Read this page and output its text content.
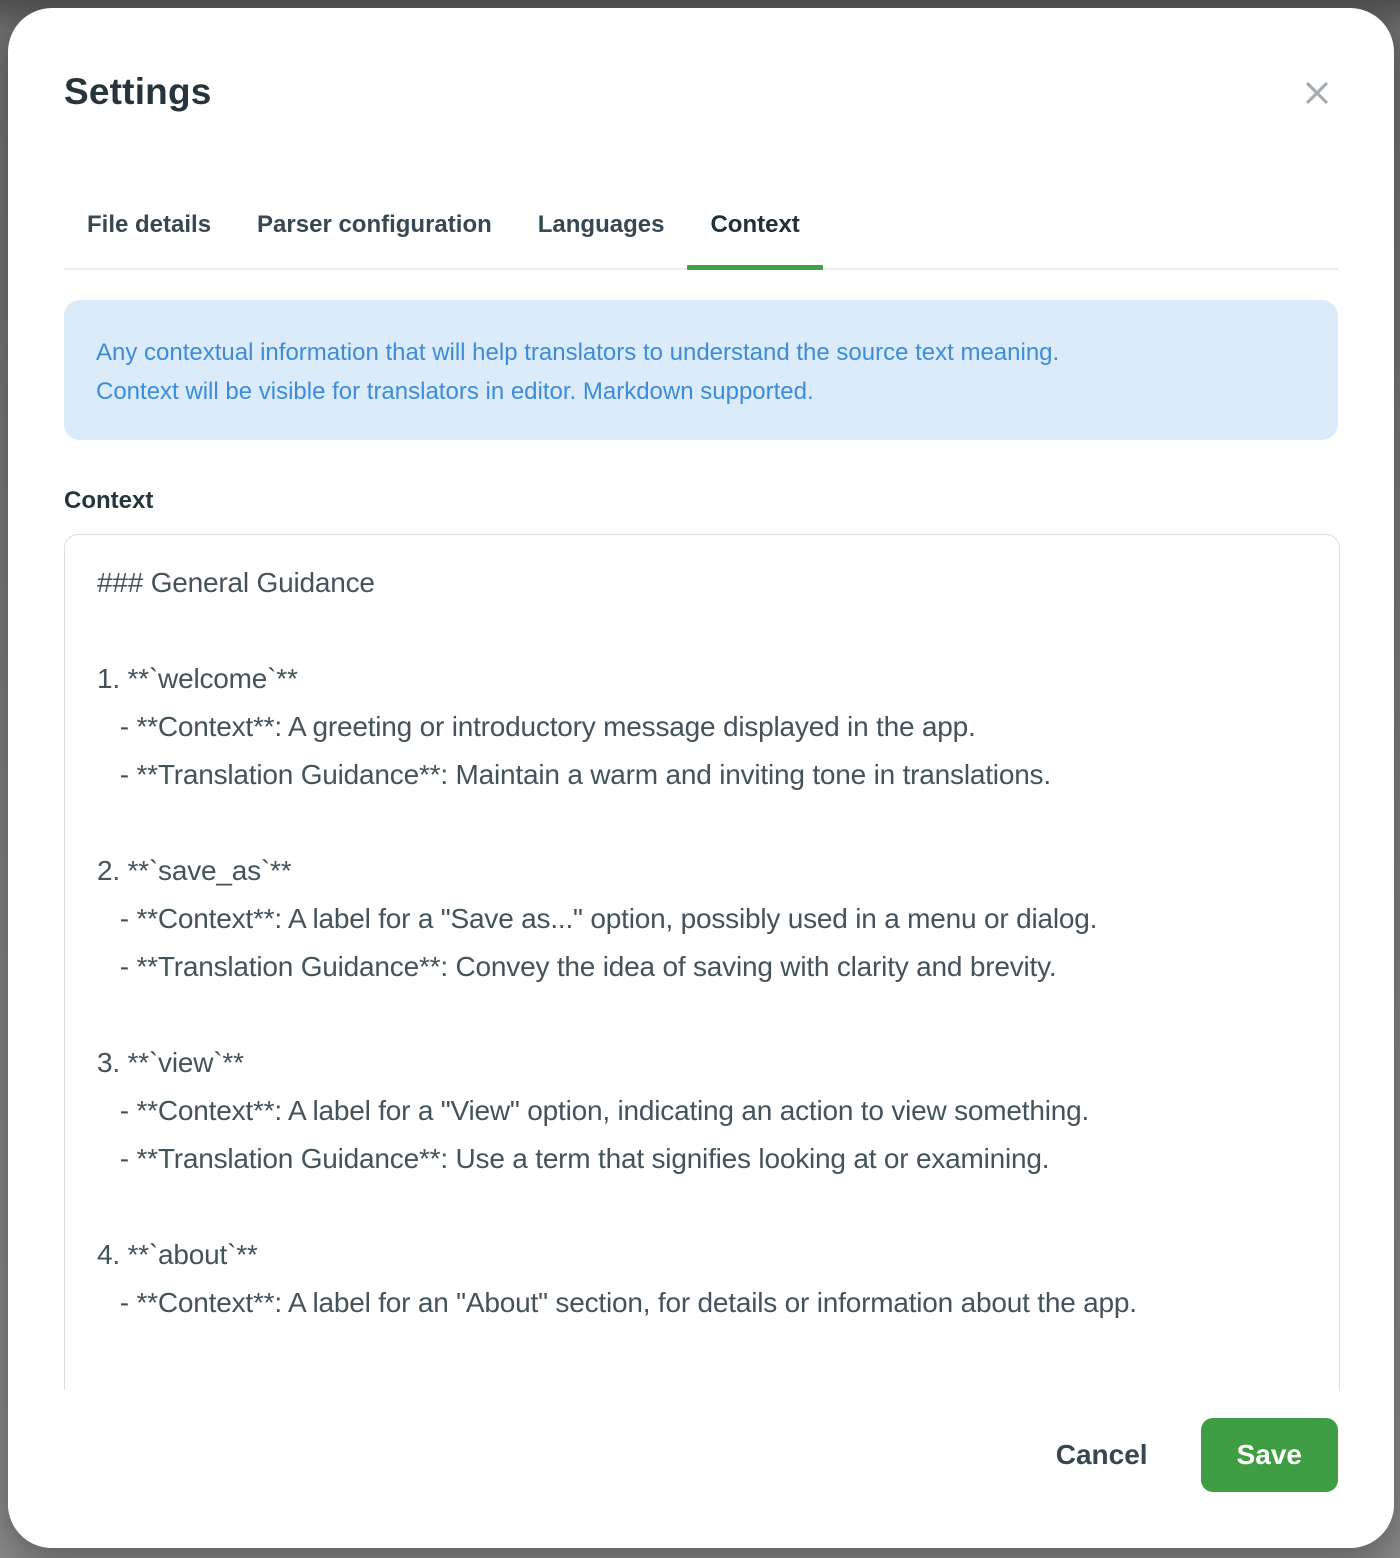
Settings
File details	Parser configuration	Languages	Context
Any contextual information that will help translators to understand the source text meaning.
Context will be visible for translators in editor. Markdown supported.
Context
### General Guidance 1. **`welcome`** - **Context**: A greeting or introductory message displayed in the app. - **Translation Guidance**: Maintain a warm and inviting tone in translations. 2. **`save_as`** - **Context**: A label for a "Save as..." option, possibly used in a menu or dialog. - **Translation Guidance**: Convey the idea of saving with clarity and brevity. 3. **`view`** - **Context**: A label for a "View" option, indicating an action to view something. - **Translation Guidance**: Use a term that signifies looking at or examining. 4. **`about`** - **Context**: A label for an "About" section, for details or information about the app.
Cancel	Save
